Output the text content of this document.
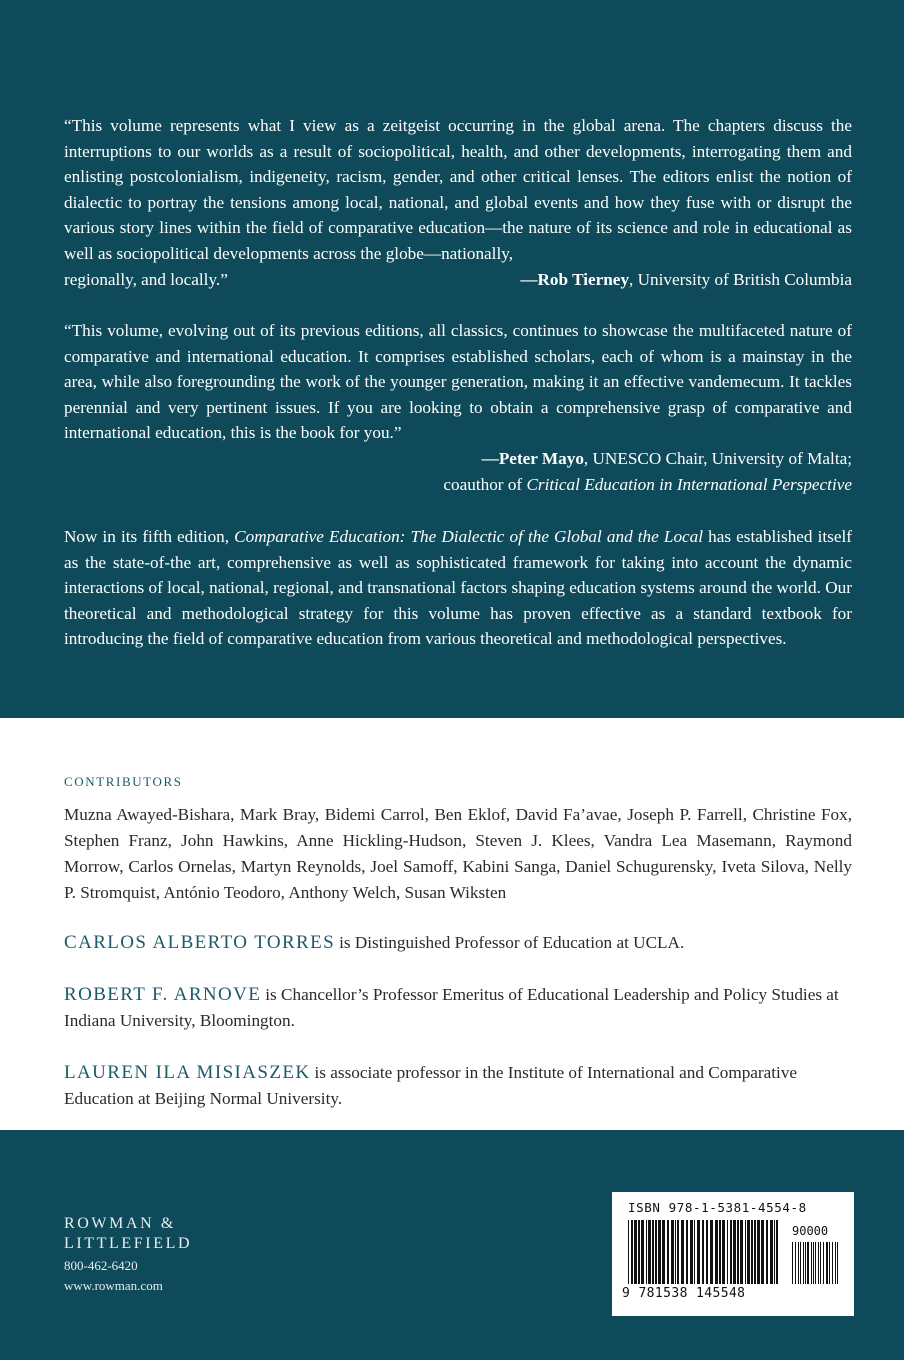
“This volume represents what I view as a zeitgeist occurring in the global arena. The chapters discuss the interruptions to our worlds as a result of sociopolitical, health, and other developments, interrogating them and enlisting postcolonialism, indigeneity, racism, gender, and other critical lenses. The editors enlist the notion of dialectic to portray the tensions among local, national, and global events and how they fuse with or disrupt the various story lines within the field of comparative education—the nature of its science and role in educational as well as sociopolitical developments across the globe—nationally,
regionally, and locally.”	—Rob Tierney, University of British Columbia
“This volume, evolving out of its previous editions, all classics, continues to showcase the multifaceted nature of comparative and international education. It comprises established scholars, each of whom is a mainstay in the area, while also foregrounding the work of the younger generation, making it an effective vandemecum. It tackles perennial and very pertinent issues. If you are looking to obtain a comprehensive grasp of comparative and international education, this is the book for you.”
—Peter Mayo, UNESCO Chair, University of Malta;
coauthor of Critical Education in International Perspective
Now in its fifth edition, Comparative Education: The Dialectic of the Global and the Local has established itself as the state-of-the art, comprehensive as well as sophisticated framework for taking into account the dynamic interactions of local, national, regional, and transnational factors shaping education systems around the world. Our theoretical and methodological strategy for this volume has proven effective as a standard textbook for introducing the field of comparative education from various theoretical and methodological perspectives.
CONTRIBUTORS
Muzna Awayed-Bishara, Mark Bray, Bidemi Carrol, Ben Eklof, David Fa’avae, Joseph P. Farrell, Christine Fox, Stephen Franz, John Hawkins, Anne Hickling-Hudson, Steven J. Klees, Vandra Lea Masemann, Raymond Morrow, Carlos Ornelas, Martyn Reynolds, Joel Samoff, Kabini Sanga, Daniel Schugurensky, Iveta Silova, Nelly P. Stromquist, António Teodoro, Anthony Welch, Susan Wiksten
CARLOS ALBERTO TORRES is Distinguished Professor of Education at UCLA.
ROBERT F. ARNOVE is Chancellor’s Professor Emeritus of Educational Leadership and Policy Studies at Indiana University, Bloomington.
LAUREN ILA MISIASZEK is associate professor in the Institute of International and Comparative Education at Beijing Normal University.
ROWMAN &
LITTLEFIELD
800-462-6420
www.rowman.com
ISBN 978-1-5381-4554-8
90000
9 781538 145548
